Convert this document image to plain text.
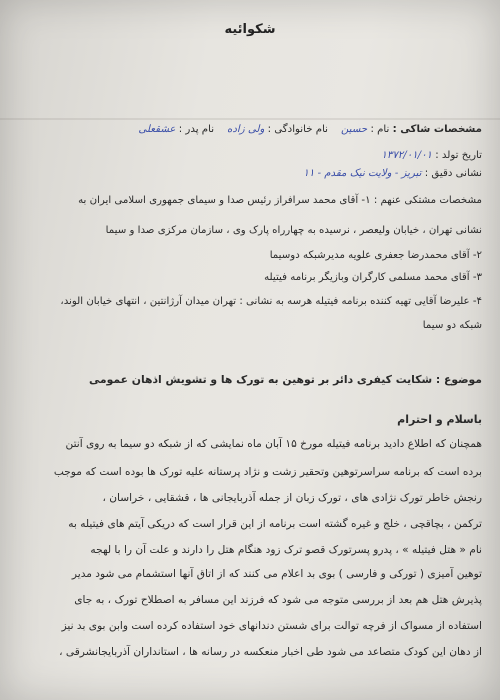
شکوائیه
مشخصات شاکی : نام : حسین    نام خانوادگی : ولی زاده    نام پدر : عشقعلی
تاریخ تولد : ۱۳۷۲/۰۱/۰۱
نشانی دقیق : تبریز - ولایت نیک مقدم - ۱۱
مشخصات مشتکی عنهم : ۱- آقای محمد سرافراز رئیس صدا و سیمای جمهوری اسلامی ایران به
نشانی تهران ، خیابان ولیعصر ، نرسیده به چهارراه پارک وی ، سازمان مرکزی صدا و سیما
۲- آقای محمدرضا جعفری علویه مدیرشبکه دوسیما
۳- آقای محمد مسلمی کارگران وبازیگر برنامه فیتیله
۴- علیرضا آقایی تهیه کننده برنامه فیتیله هرسه به نشانی : تهران میدان آرژانتین ، انتهای خیابان الوند،
شبکه دو سیما
موضوع : شکایت کیفری دائر بر توهین به تورک ها و تشویش اذهان عمومی
باسلام و احترام
همچنان که اطلاع دادید برنامه فیتیله مورخ ۱۵ آبان ماه نمایشی که از شبکه دو سیما به روی آنتن
برده است که برنامه سراسرتوهین وتحقیر زشت و نژاد پرستانه علیه تورک ها بوده است که موجب
رنجش خاطر تورک نژادی های ، تورک زبان از جمله آذربایجانی ها ، قشقایی ، خراسان ،
ترکمن ، بچاقچی ، خلج و غیره گشته است برنامه از این قرار است که دریکی آیتم های فیتیله به
نام « هتل فیتیله » ، پدرو پسرتورک قصو ترک زود هنگام هتل را دارند و علت آن را با لهجه
توهین آمیزی ( تورکی و فارسی ) بوی بد اعلام می کنند که از اتاق آنها استشمام می شود مدیر
پذیرش هتل هم بعد از بررسی متوجه می شود که فرزند این مسافر به اصطلاح تورک ، به جای
استفاده از مسواک از فرچه توالت برای شستن دندانهای خود استفاده کرده است وابن بوی بد نیز
از دهان این کودک متصاعد می شود طی اخبار منعکسه در رسانه ها ، استانداران آذربایجانشرقی ،
